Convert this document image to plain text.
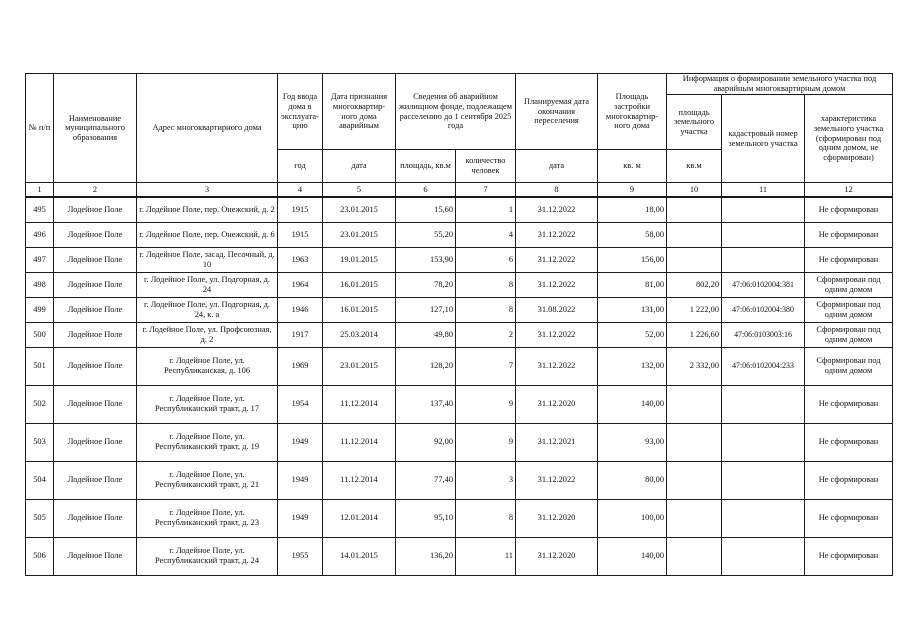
№ п/п	Наименование муниципального образования	Адрес многоквартирного дома	Год ввода дома в эксплуата-цию	Дата признания многоквартир-ного дома аварийным	Сведения об аварийном жилищном фонде, подлежащем расселению до 1 сентября 2025 года		Планируемая дата окончания переселения	Площадь застройки многоквартир-ного дома	Информация о формировании земельного участка под аварийным многоквартирным домом		
									площадь земельного участка	кадастровый номер земельного участка	характеристика земельного участка (сформирован под одним домом, не сформирован)
			год	дата	площадь, кв.м	количество человек	дата	кв. м	кв.м		
1	2	3	4	5	6	7	8	9	10	11	12
495	Лодейное Поле	г. Лодейное Поле, пер. Онежский, д. 2	1915	23.01.2015	15,60	1	31.12.2022	18,00			Не сформирован
496	Лодейное Поле	г. Лодейное Поле, пер. Онежский, д. 6	1915	23.01.2015	55,20	4	31.12.2022	58,00			Не сформирован
497	Лодейное Поле	г. Лодейное Поле, засад. Песочный, д. 10	1963	19.01.2015	153,90	6	31.12.2022	156,00			Не сформирован
498	Лодейное Поле	г. Лодейное Поле, ул. Подгорная, д. 24	1964	16.01.2015	78,20	8	31.12.2022	81,00	802,20	47:06:0102004:381	Сформирован под одним домом
499	Лодейное Поле	г. Лодейное Поле, ул. Подгорная, д. 24, к. а	1946	16.01.2015	127,10	8	31.08.2022	131,00	1 222,00	47:06:0102004:380	Сформирован под одним домом
500	Лодейное Поле	г. Лодейное Поле, ул. Профсоюзная, д. 2	1917	25.03.2014	49,80	2	31.12.2022	52,00	1 226,60	47:06:0103003:16	Сформирован под одним домом
501	Лодейное Поле	г. Лодейное Поле, ул. Республиканская, д. 106	1969	23.01.2015	128,20	7	31.12.2022	132,00	2 332,00	47:06:0102004:233	Сформирован под одним домом
502	Лодейное Поле	г. Лодейное Поле, ул. Республиканский тракт, д. 17	1954	11.12.2014	137,40	9	31.12.2020	140,00			Не сформирован
503	Лодейное Поле	г. Лодейное Поле, ул. Республиканский тракт, д. 19	1949	11.12.2014	92,00	9	31.12.2021	93,00			Не сформирован
504	Лодейное Поле	г. Лодейное Поле, ул. Республиканский тракт, д. 21	1949	11.12.2014	77,40	3	31.12.2022	80,00			Не сформирован
505	Лодейное Поле	г. Лодейное Поле, ул. Республиканский тракт, д. 23	1949	12.01.2014	95,10	8	31.12.2020	100,00			Не сформирован
506	Лодейное Поле	г. Лодейное Поле, ул. Республиканский тракт, д. 24	1955	14.01.2015	136,20	11	31.12.2020	140,00			Не сформирован
